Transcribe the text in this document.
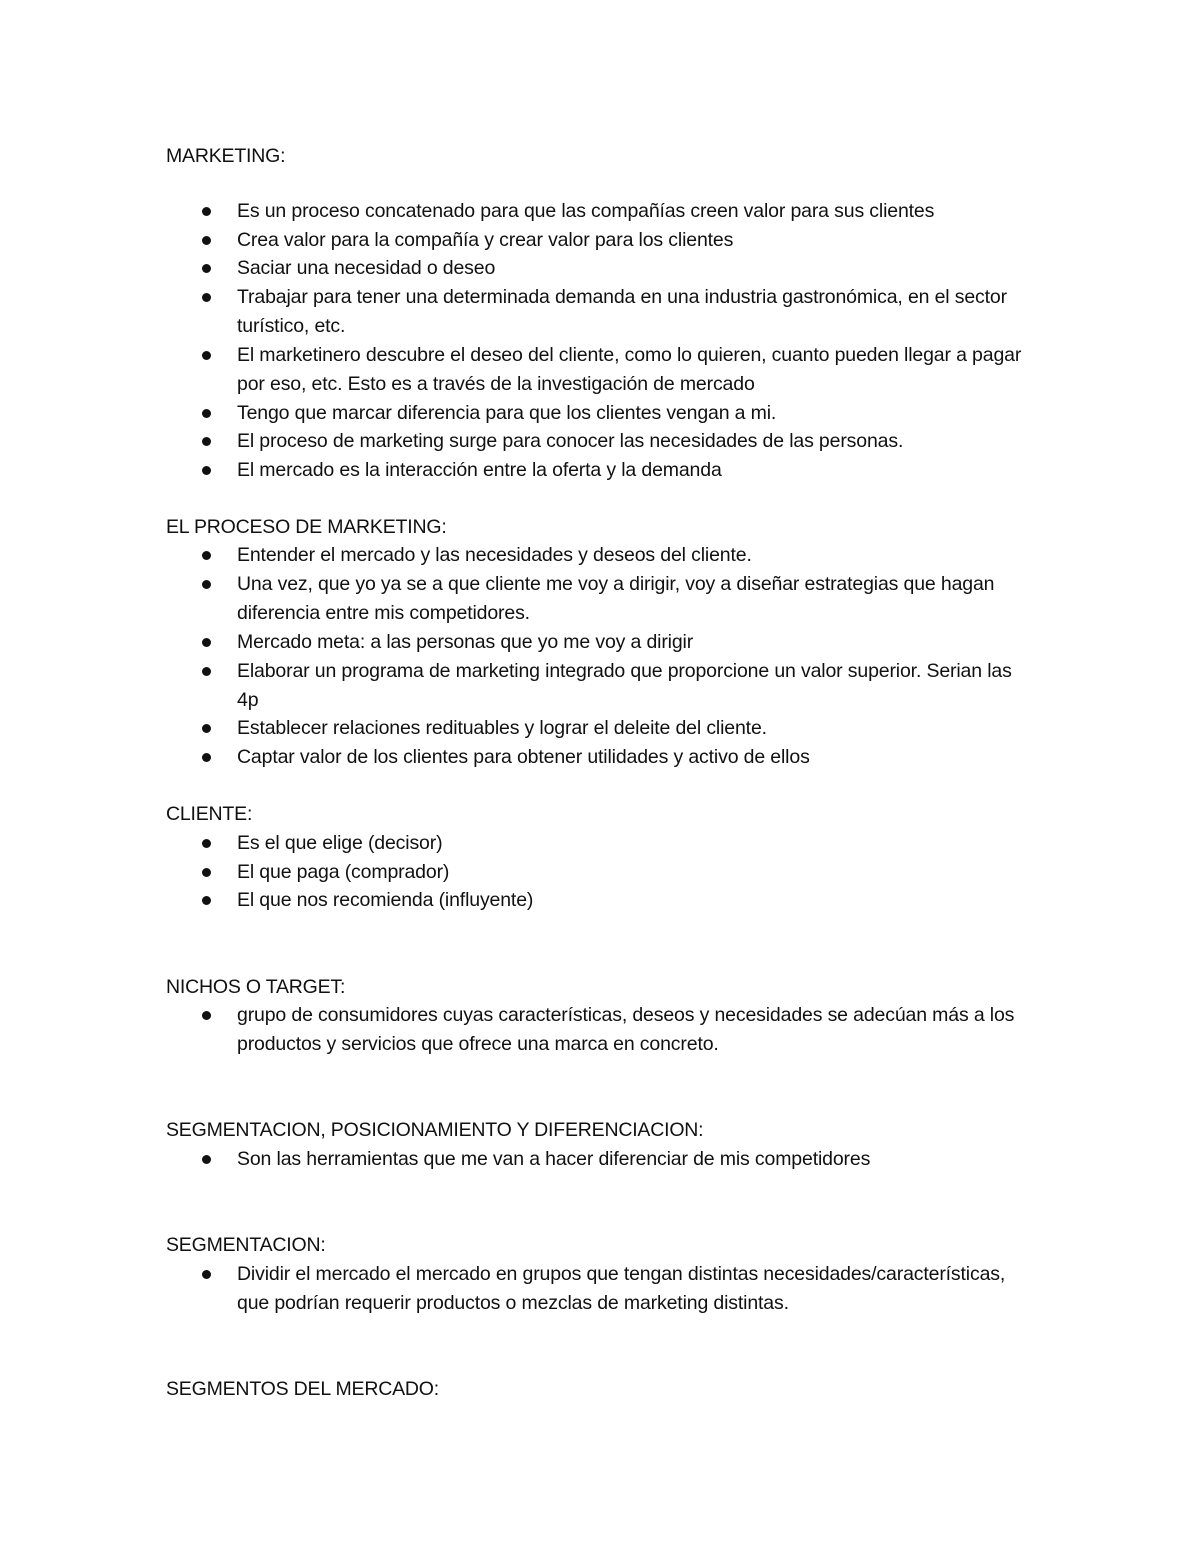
MARKETING:
Es un proceso concatenado para que las compañías creen valor para sus clientes
Crea valor para la compañía y crear valor para los clientes
Saciar una necesidad o deseo
Trabajar para tener una determinada demanda en una industria gastronómica, en el sector turístico, etc.
El marketinero descubre el deseo del cliente, como lo quieren, cuanto pueden llegar a pagar por eso, etc. Esto es a través de la investigación de mercado
Tengo que marcar diferencia para que los clientes vengan a mi.
El proceso de marketing surge para conocer las necesidades de las personas.
El mercado es la interacción entre la oferta y la demanda
EL PROCESO DE MARKETING:
Entender el mercado y las necesidades y deseos del cliente.
Una vez, que yo ya se a que cliente me voy a dirigir, voy a diseñar estrategias que hagan diferencia entre mis competidores.
Mercado meta: a las personas que yo me voy a dirigir
Elaborar un programa de marketing integrado que proporcione un valor superior. Serian las 4p
Establecer relaciones redituables y lograr el deleite del cliente.
Captar valor de los clientes para obtener utilidades y activo de ellos
CLIENTE:
Es el que elige (decisor)
El que paga (comprador)
El que nos recomienda (influyente)
NICHOS O TARGET:
grupo de consumidores cuyas características, deseos y necesidades se adecúan más a los productos y servicios que ofrece una marca en concreto.
SEGMENTACION, POSICIONAMIENTO Y DIFERENCIACION:
Son las herramientas que me van a hacer diferenciar de mis competidores
SEGMENTACION:
Dividir el mercado el mercado en grupos que tengan distintas necesidades/características, que podrían requerir productos o mezclas de marketing distintas.
SEGMENTOS DEL MERCADO:
